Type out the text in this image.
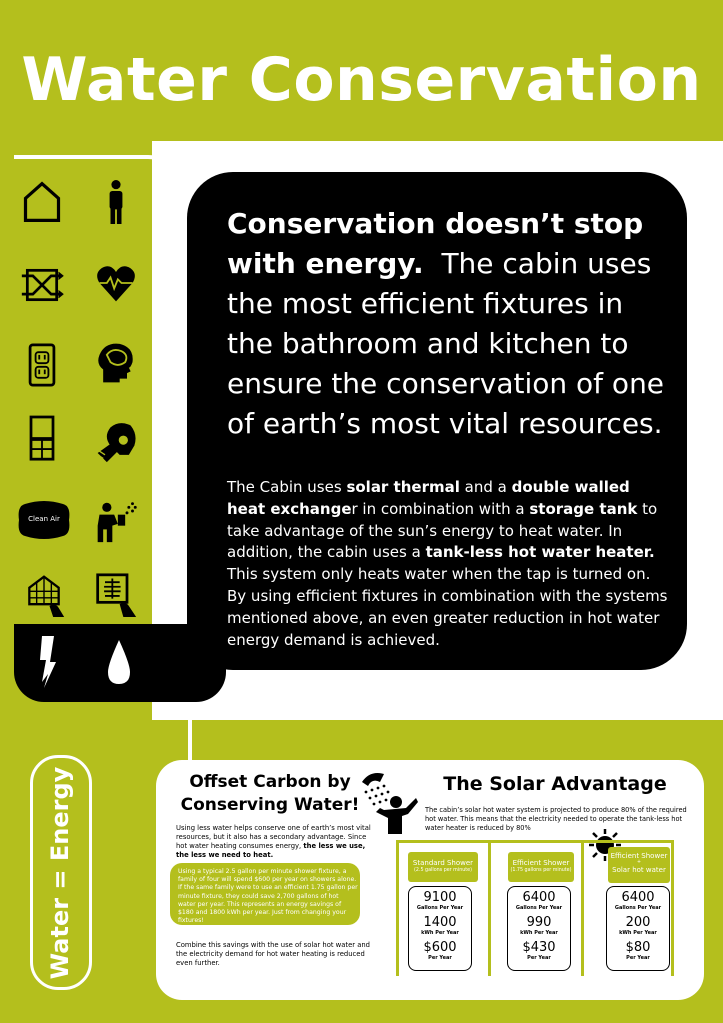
Water Conservation
Clean Air
Conservation doesn’t stop with energy. The cabin uses the most efficient fixtures in the bathroom and kitchen to ensure the conservation of one of earth’s most vital resources.
The Cabin uses solar thermal and a double walled heat exchanger in combination with a storage tank to take advantage of the sun’s energy to heat water. In addition, the cabin uses a tank-less hot water heater. This system only heats water when the tap is turned on. By using efficient fixtures in combination with the systems mentioned above, an even greater reduction in hot water energy demand is achieved.
Water = Energy	Offset Carbon by Conserving Water!
Using less water helps conserve one of earth’s most vital resources, but it also has a secondary advantage. Since hot water heating consumes energy, the less we use, the less we need to heat.
Using a typical 2.5 gallon per minute shower fixture, a family of four will spend $600 per year on showers alone. If the same family were to use an efficient 1.75 gallon per minute fixture, they could save 2,700 gallons of hot water per year. This represents an energy savings of $180 and 1800 kWh per year. Just from changing your fixtures!
Combine this savings with the use of solar hot water and the electricity demand for hot water heating is reduced even further.
The Solar Advantage
The cabin’s solar hot water system is projected to produce 80% of the required hot water. This means that the electricity needed to operate the tank-less hot water heater is reduced by 80%
Standard Shower
(2.5 gallons per minute)
Efficient Shower
(1.75 gallons per minute)
Efficient Shower
+
Solar hot water
9100
Gallons Per Year
1400
kWh Per Year
$600
Per Year
6400
Gallons Per Year
990
kWh Per Year
$430
Per Year
6400
Gallons Per Year
200
kWh Per Year
$80
Per Year
